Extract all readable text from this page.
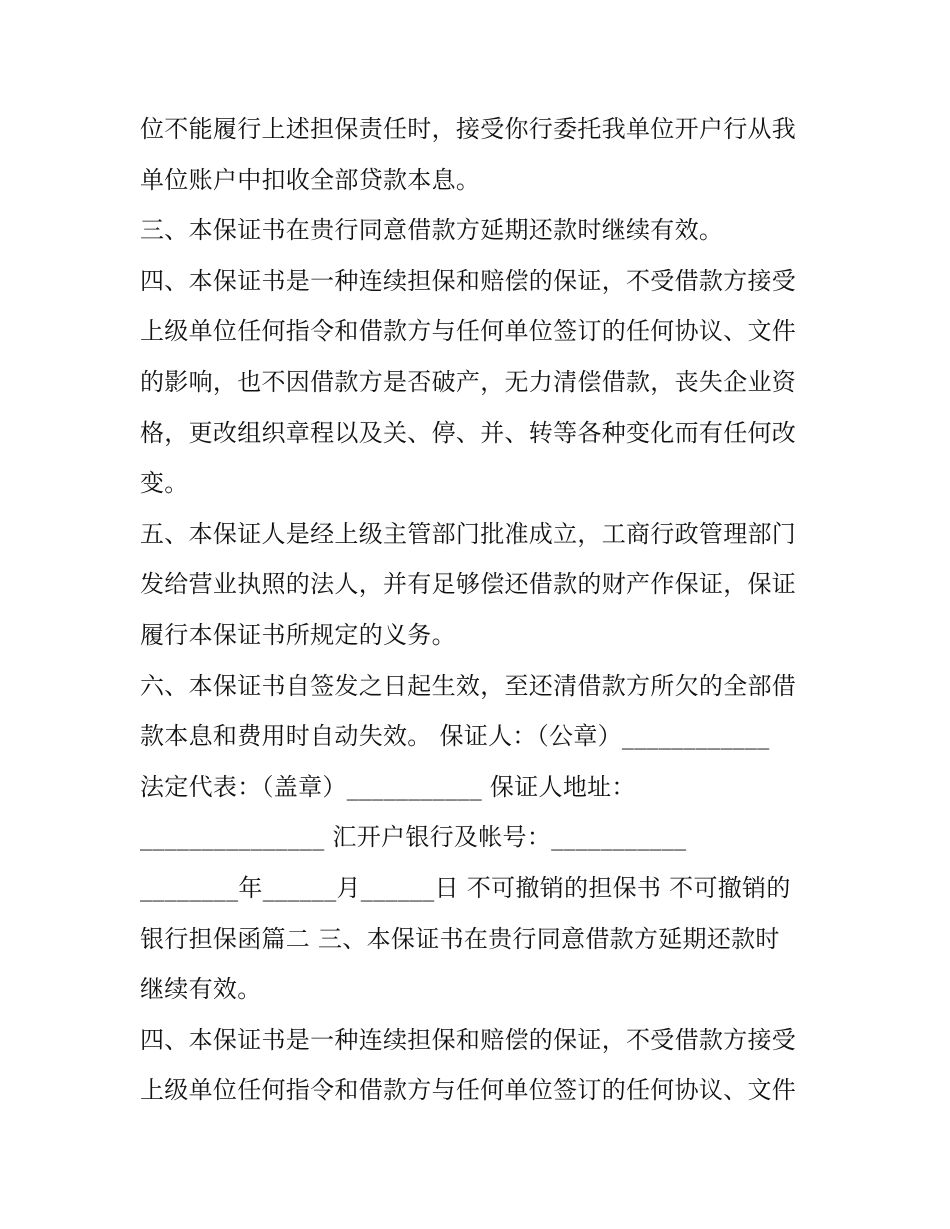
位不能履行上述担保责任时，接受你行委托我单位开户行从我
单位账户中扣收全部贷款本息。
三、本保证书在贵行同意借款方延期还款时继续有效。
四、本保证书是一种连续担保和赔偿的保证，不受借款方接受
上级单位任何指令和借款方与任何单位签订的任何协议、文件
的影响，也不因借款方是否破产，无力清偿借款，丧失企业资
格，更改组织章程以及关、停、并、转等各种变化而有任何改
变。
五、本保证人是经上级主管部门批准成立，工商行政管理部门
发给营业执照的法人，并有足够偿还借款的财产作保证，保证
履行本保证书所规定的义务。
六、本保证书自签发之日起生效，至还清借款方所欠的全部借
款本息和费用时自动失效。 保证人：（公章）____________
法定代表：（盖章）___________ 保证人地址：
_______________ 汇开户银行及帐号：___________
________年______月______日 不可撤销的担保书 不可撤销的
银行担保函篇二 三、本保证书在贵行同意借款方延期还款时
继续有效。
四、本保证书是一种连续担保和赔偿的保证，不受借款方接受
上级单位任何指令和借款方与任何单位签订的任何协议、文件
